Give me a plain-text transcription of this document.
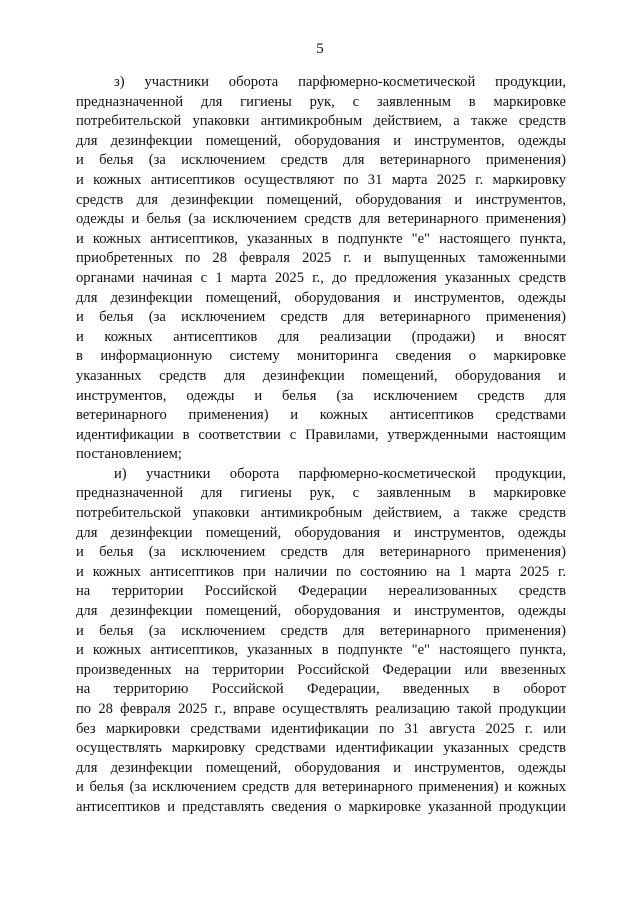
5
з) участники оборота парфюмерно-косметической продукции,
предназначенной для гигиены рук, с заявленным в маркировке
потребительской упаковки антимикробным действием, а также средств
для дезинфекции помещений, оборудования и инструментов, одежды
и белья (за исключением средств для ветеринарного применения)
и кожных антисептиков осуществляют по 31 марта 2025 г. маркировку
средств для дезинфекции помещений, оборудования и инструментов,
одежды и белья (за исключением средств для ветеринарного применения)
и кожных антисептиков, указанных в подпункте "е" настоящего пункта,
приобретенных по 28 февраля 2025 г. и выпущенных таможенными
органами начиная с 1 марта 2025 г., до предложения указанных средств
для дезинфекции помещений, оборудования и инструментов, одежды
и белья (за исключением средств для ветеринарного применения)
и кожных антисептиков для реализации (продажи) и вносят
в информационную систему мониторинга сведения о маркировке
указанных средств для дезинфекции помещений, оборудования и
инструментов, одежды и белья (за исключением средств для
ветеринарного применения) и кожных антисептиков средствами
идентификации в соответствии с Правилами, утвержденными настоящим
постановлением;
и) участники оборота парфюмерно-косметической продукции,
предназначенной для гигиены рук, с заявленным в маркировке
потребительской упаковки антимикробным действием, а также средств
для дезинфекции помещений, оборудования и инструментов, одежды
и белья (за исключением средств для ветеринарного применения)
и кожных антисептиков при наличии по состоянию на 1 марта 2025 г.
на территории Российской Федерации нереализованных средств
для дезинфекции помещений, оборудования и инструментов, одежды
и белья (за исключением средств для ветеринарного применения)
и кожных антисептиков, указанных в подпункте "е" настоящего пункта,
произведенных на территории Российской Федерации или ввезенных
на территорию Российской Федерации, введенных в оборот
по 28 февраля 2025 г., вправе осуществлять реализацию такой продукции
без маркировки средствами идентификации по 31 августа 2025 г. или
осуществлять маркировку средствами идентификации указанных средств
для дезинфекции помещений, оборудования и инструментов, одежды
и белья (за исключением средств для ветеринарного применения) и кожных
антисептиков и представлять сведения о маркировке указанной продукции
